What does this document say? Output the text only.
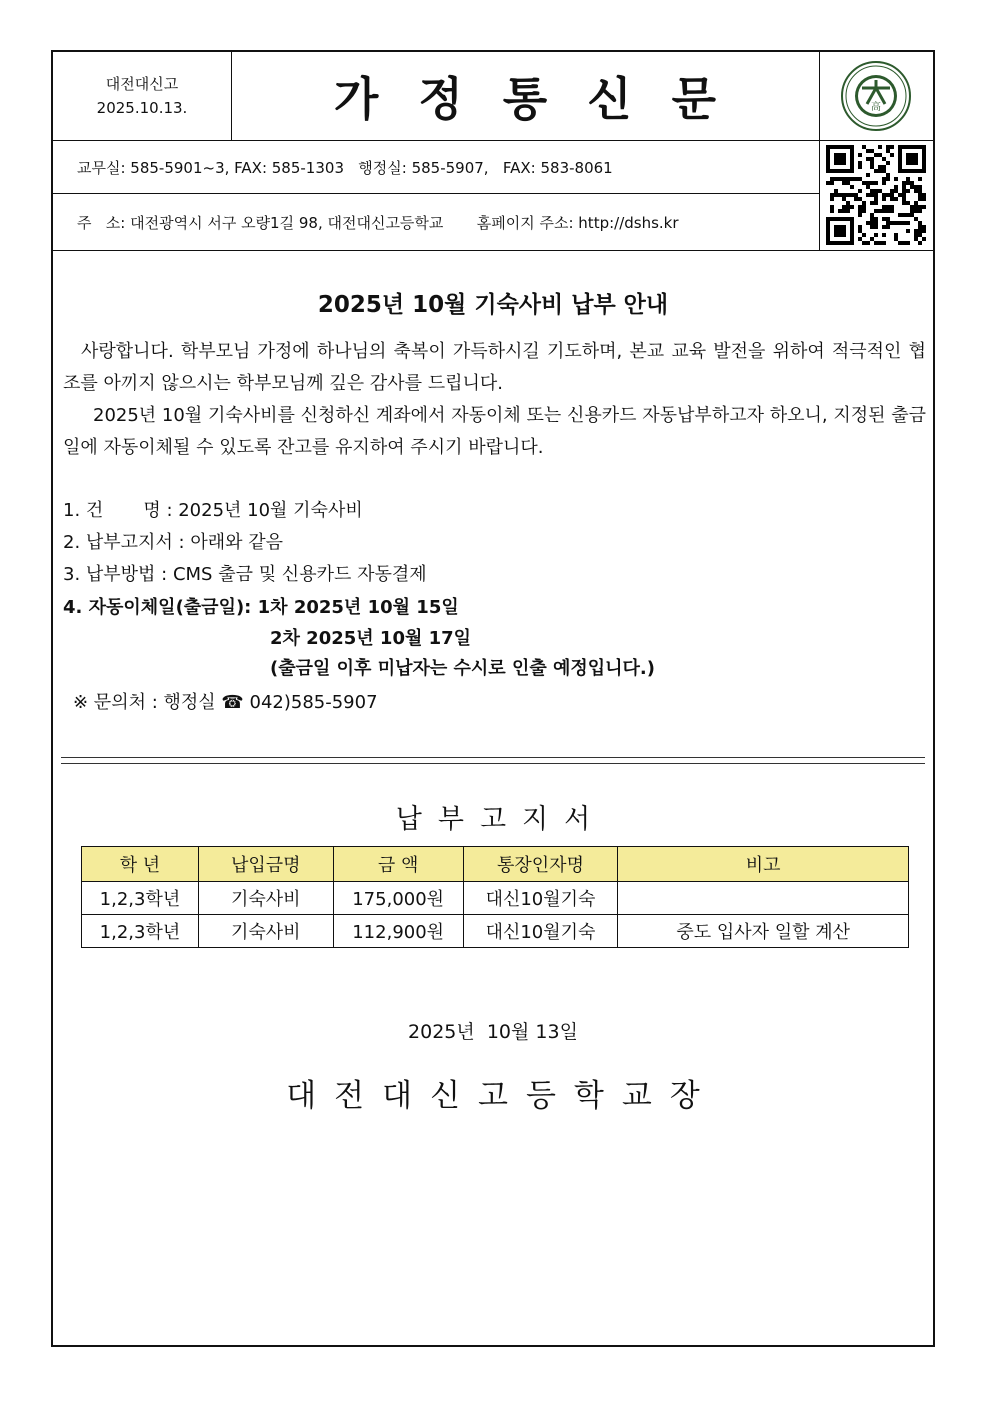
대전대신고
2025.10.13.	가정통신문	高
교무실: 585-5901~3, FAX: 585-1303   행정실: 585-5907,   FAX: 583-8061
주   소: 대전광역시 서구 오량1길 98, 대전대신고등학교       홈페이지 주소: http://dshs.kr
2025년 10월 기숙사비 납부 안내
사랑합니다. 학부모님 가정에 하나님의 축복이 가득하시길 기도하며, 본교 교육 발전을 위하여 적극적인 협조를 아끼지 않으시는 학부모님께 깊은 감사를 드립니다.
2025년 10월 기숙사비를 신청하신 계좌에서 자동이체 또는 신용카드 자동납부하고자 하오니, 지정된 출금일에 자동이체될 수 있도록 잔고를 유지하여 주시기 바랍니다.
1. 건       명 : 2025년 10월 기숙사비
2. 납부고지서 : 아래와 같음
3. 납부방법 : CMS 출금 및 신용카드 자동결제
4. 자동이체일(출금일): 1차 2025년 10월 15일
2차 2025년 10월 17일
(출금일 이후 미납자는 수시로 인출 예정입니다.)
※ 문의처 : 행정실 ☎ 042)585-5907
납부고지서
학 년	납입금명	금 액	통장인자명	비고
1,2,3학년	기숙사비	175,000원	대신10월기숙	
1,2,3학년	기숙사비	112,900원	대신10월기숙	중도 입사자 일할 계산
2025년  10월 13일
대전대신고등학교장
